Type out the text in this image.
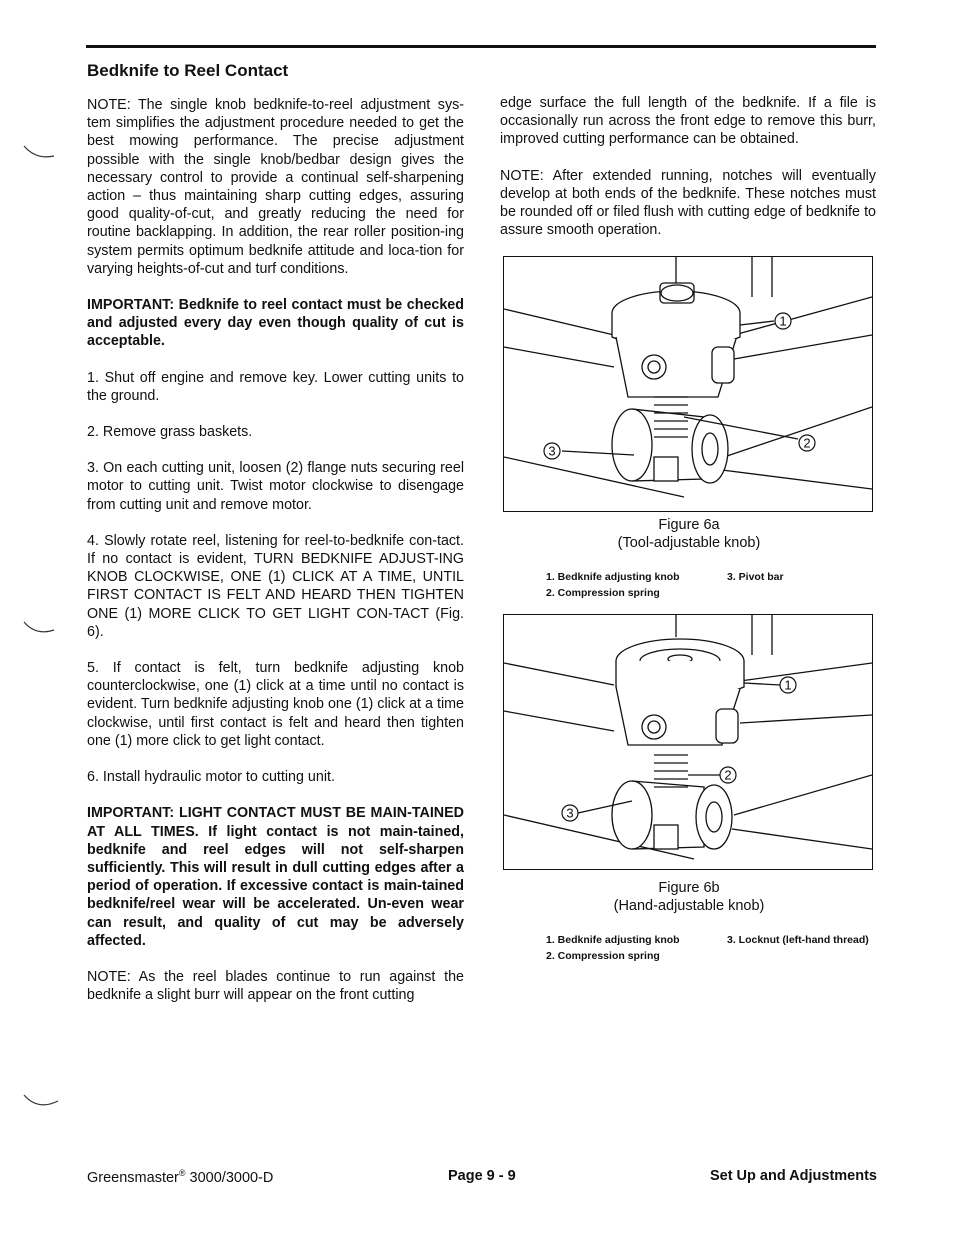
Bedknife to Reel Contact

NOTE: The single knob bedknife-to-reel adjustment sys-tem simplifies the adjustment procedure needed to get the best mowing performance. The precise adjustment possible with the single knob/bedbar design gives the necessary control to provide a continual self-sharpening action – thus maintaining sharp cutting edges, assuring good quality-of-cut, and greatly reducing the need for routine backlapping. In addition, the rear roller position-ing system permits optimum bedknife attitude and loca-tion for varying heights-of-cut and turf conditions.

IMPORTANT: Bedknife to reel contact must be checked and adjusted every day even though quality of cut is acceptable.

1. Shut off engine and remove key. Lower cutting units to the ground.

2. Remove grass baskets.

3. On each cutting unit, loosen (2) flange nuts securing reel motor to cutting unit. Twist motor clockwise to disengage from cutting unit and remove motor.

4. Slowly rotate reel, listening for reel-to-bedknife con-tact. If no contact is evident, TURN BEDKNIFE ADJUST-ING KNOB CLOCKWISE, ONE (1) CLICK AT A TIME, UNTIL FIRST CONTACT IS FELT AND HEARD THEN TIGHTEN ONE (1) MORE CLICK TO GET LIGHT CON-TACT (Fig. 6).

5. If contact is felt, turn bedknife adjusting knob counterclockwise, one (1) click at a time until no contact is evident. Turn bedknife adjusting knob one (1) click at a time clockwise, until first contact is felt and heard then tighten one (1) more click to get light contact.

6. Install hydraulic motor to cutting unit.

IMPORTANT: LIGHT CONTACT MUST BE MAIN-TAINED AT ALL TIMES. If light contact is not main-tained, bedknife and reel edges will not self-sharpen sufficiently. This will result in dull cutting edges after a period of operation. If excessive contact is main-tained bedknife/reel wear will be accelerated. Un-even wear can result, and quality of cut may be adversely affected.

NOTE: As the reel blades continue to run against the bedknife a slight burr will appear on the front cutting

edge surface the full length of the bedknife. If a file is occasionally run across the front edge to remove this burr, improved cutting performance can be obtained.

NOTE: After extended running, notches will eventually develop at both ends of the bedknife. These notches must be rounded off or filed flush with cutting edge of bedknife to assure smooth operation.

1
2
3
Figure 6a
(Tool-adjustable knob)
1. Bedknife adjusting knob	3. Pivot bar
2. Compression spring
1
2
3
Figure 6b
(Hand-adjustable knob)
1. Bedknife adjusting knob	3. Locknut (left-hand thread)
2. Compression spring
Greensmaster® 3000/3000-D	Page 9 - 9	Set Up and Adjustments
